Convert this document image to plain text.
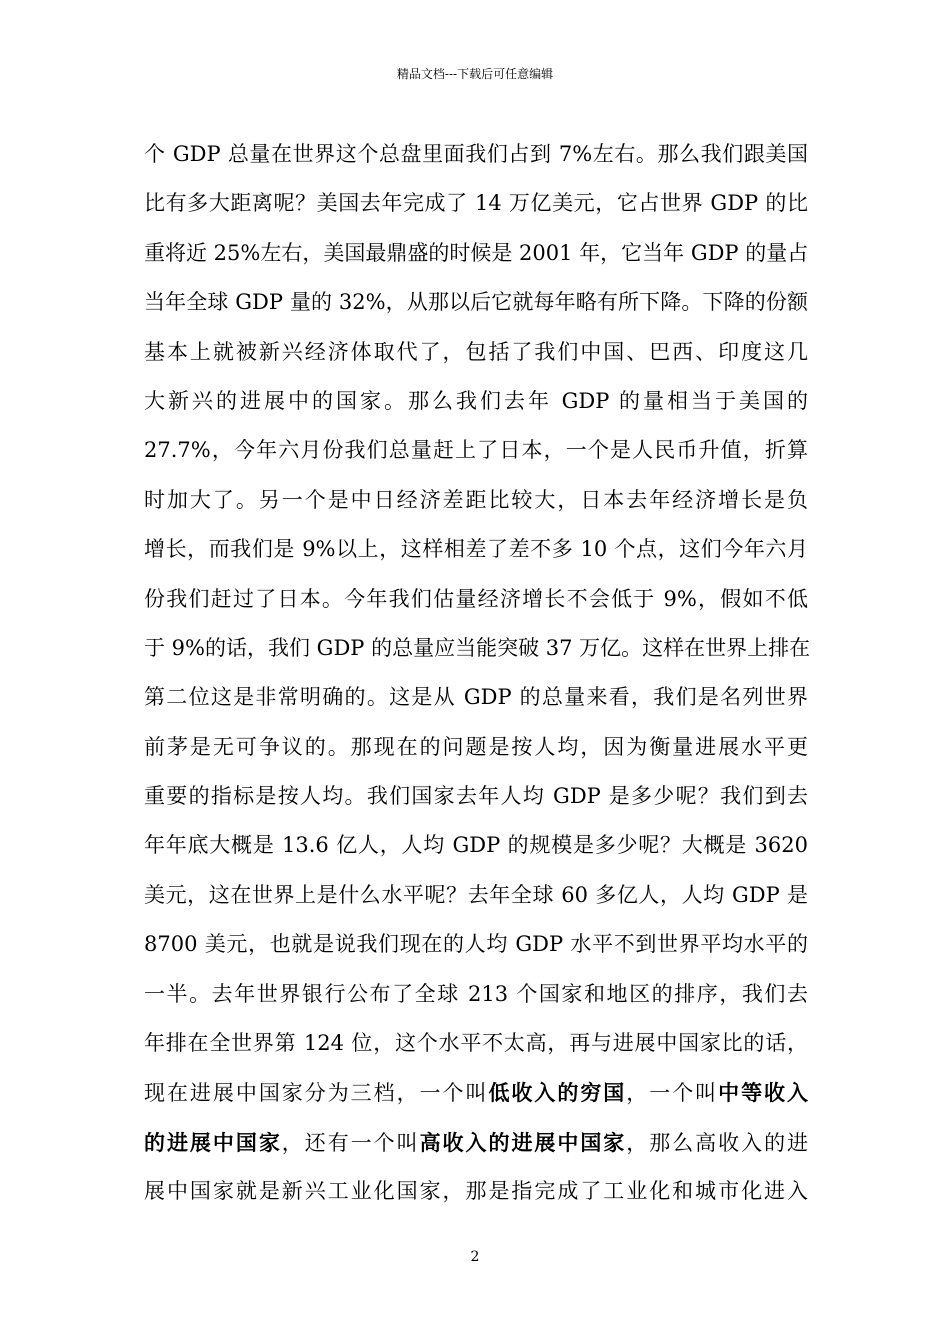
精品文档---下载后可任意编辑
个 GDP 总量在世界这个总盘里面我们占到 7%左右。那么我们跟美国
比有多大距离呢？美国去年完成了 14 万亿美元，它占世界 GDP 的比
重将近 25%左右，美国最鼎盛的时候是 2001 年，它当年 GDP 的量占
当年全球 GDP 量的 32%，从那以后它就每年略有所下降。下降的份额
基本上就被新兴经济体取代了，包括了我们中国、巴西、印度这几
大新兴的进展中的国家。那么我们去年 GDP 的量相当于美国的
27.7%，今年六月份我们总量赶上了日本，一个是人民币升值，折算
时加大了。另一个是中日经济差距比较大，日本去年经济增长是负
增长，而我们是 9%以上，这样相差了差不多 10 个点，这们今年六月
份我们赶过了日本。今年我们估量经济增长不会低于 9%，假如不低
于 9%的话，我们 GDP 的总量应当能突破 37 万亿。这样在世界上排在
第二位这是非常明确的。这是从 GDP 的总量来看，我们是名列世界
前茅是无可争议的。那现在的问题是按人均，因为衡量进展水平更
重要的指标是按人均。我们国家去年人均 GDP 是多少呢？我们到去
年年底大概是 13.6 亿人，人均 GDP 的规模是多少呢？大概是 3620
美元，这在世界上是什么水平呢？去年全球 60 多亿人，人均 GDP 是
8700 美元，也就是说我们现在的人均 GDP 水平不到世界平均水平的
一半。去年世界银行公布了全球 213 个国家和地区的排序，我们去
年排在全世界第 124 位，这个水平不太高，再与进展中国家比的话，
现在进展中国家分为三档，一个叫低收入的穷国，一个叫中等收入
的进展中国家，还有一个叫高收入的进展中国家，那么高收入的进
展中国家就是新兴工业化国家，那是指完成了工业化和城市化进入
2
